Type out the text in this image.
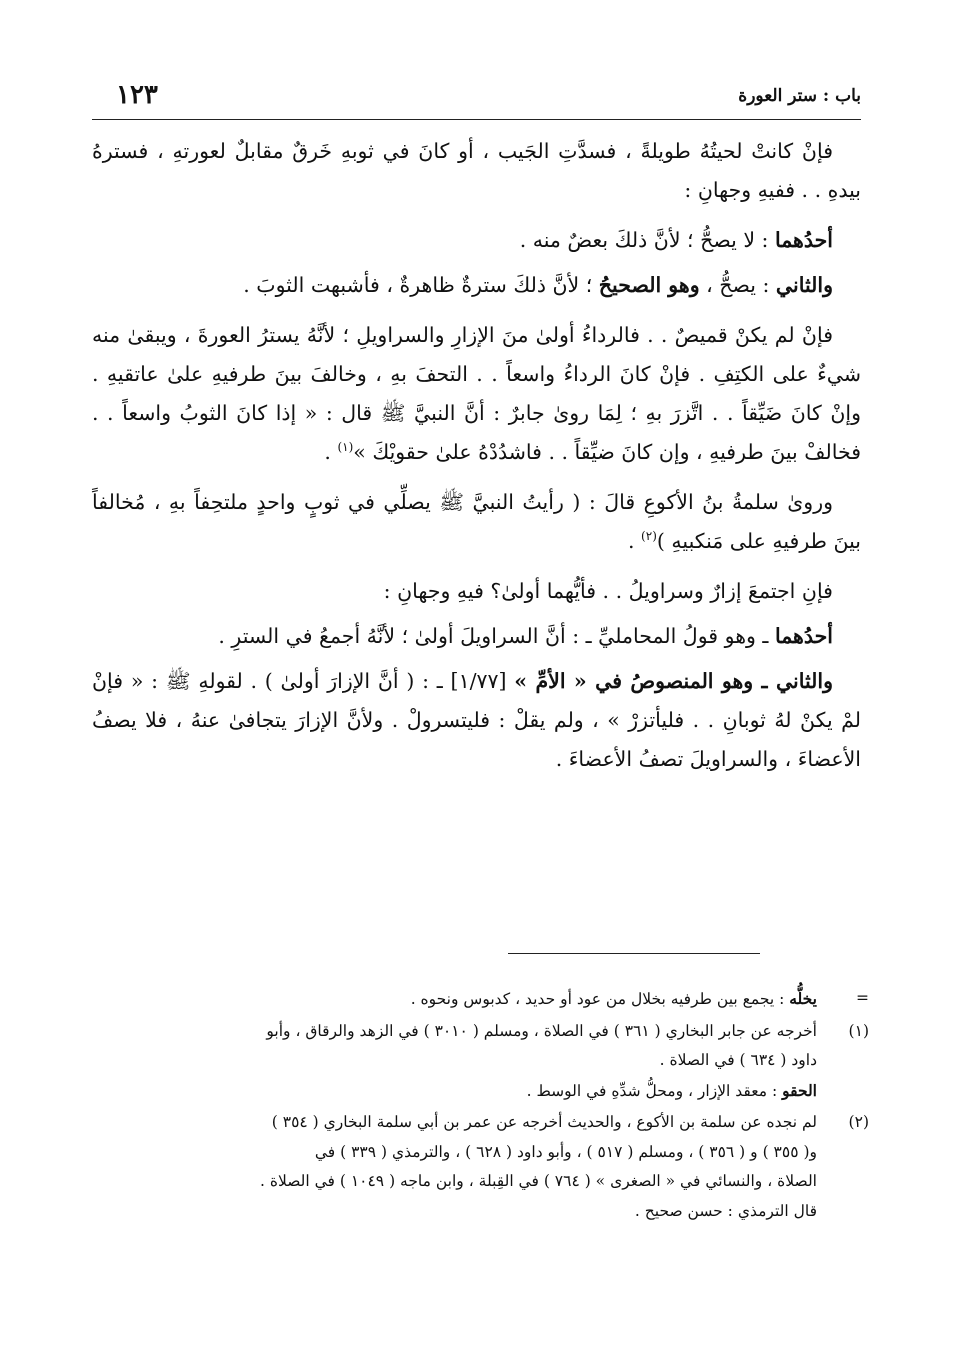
باب : ستر العورة
١٢٣

فإنْ كانتْ لحيتُهُ طويلةً ، فسدَّتِ الجَيب ، أو كانَ في ثوبهِ خَرقٌ مقابلٌ لعورتهِ ، فسترهُ بيدهِ . . ففيهِ وجهانِ :

أحدُهما : لا يصحُّ ؛ لأنَّ ذلكَ بعضٌ منه .

والثاني : يصحُّ ، وهو الصحيحُ ؛ لأنَّ ذلكَ سترةٌ ظاهرةٌ ، فأشبهت الثوبَ .

فإنْ لم يكنْ قميصٌ . . فالرداءُ أولىٰ منَ الإزارِ والسراويلِ ؛ لأنَّهُ يسترُ العورةَ ، ويبقىٰ منه شيءٌ على الكتِفِ . فإنْ كانَ الرداءُ واسعاً . . التحفَ بهِ ، وخالفَ بينَ طرفيهِ علىٰ عاتقيهِ . وإنْ كانَ ضَيِّقاً . . اتَّزرَ بهِ ؛ لِمَا روىٰ جابرٌ : أنَّ النبيَّ ﷺ قال : « إذا كانَ الثوبُ واسعاً . . فخالفْ بينَ طرفيهِ ، وإن كانَ ضيِّقاً . . فاشدُدْهُ علىٰ حقويْكَ »$^{(١)}$ .

وروىٰ سلمةُ بنُ الأكوعِ قالَ : ( رأيتُ النبيَّ ﷺ يصلِّي في ثوبٍ واحدٍ ملتحِفاً بهِ ، مُخالفاً بينَ طرفيهِ على مَنكبيهِ )$^{(٢)}$ .

فإنِ اجتمعَ إزارٌ وسراويلُ . . فأيُّهما أولىٰ؟ فيهِ وجهانِ :

أحدُهما ـ وهو قولُ المحامليِّ ـ : أنَّ السراويلَ أولىٰ ؛ لأنَّهُ أجمعُ في السترِ .

والثاني ـ وهو المنصوصُ في « الأمِّ » [١/٧٧] ـ : ( أنَّ الإزارَ أولىٰ ) . لقولهِ ﷺ : « فإنْ لمْ يكنْ لهُ ثوبانِ . . فليأتزرْ » ، ولم يقلْ : فليتسرولْ . ولأنَّ الإزارَ يتجافىٰ عنهُ ، فلا يصفُ الأعضاءَ ، والسراويلَ تصفُ الأعضاءَ .

=
يخلُّه : يجمع بين طرفيه بخلال من عود أو حديد ، كدبوس ونحوه .
(١)
أخرجه عن جابر البخاري ( ٣٦١ ) في الصلاة ، ومسلم ( ٣٠١٠ ) في الزهد والرقاق ، وأبو
داود ( ٦٣٤ ) في الصلاة .
الحقو : معقد الإزار ، ومحلُّ شدِّهِ في الوسط .
(٢)
لم نجده عن سلمة بن الأكوع ، والحديث أخرجه عن عمر بن أبي سلمة البخاري ( ٣٥٤ )
و( ٣٥٥ ) و ( ٣٥٦ ) ، ومسلم ( ٥١٧ ) ، وأبو داود ( ٦٢٨ ) ، والترمذي ( ٣٣٩ ) في
الصلاة ، والنسائي في « الصغرى » ( ٧٦٤ ) في القِبلة ، وابن ماجه ( ١٠٤٩ ) في الصلاة .
قال الترمذي : حسن صحيح .
